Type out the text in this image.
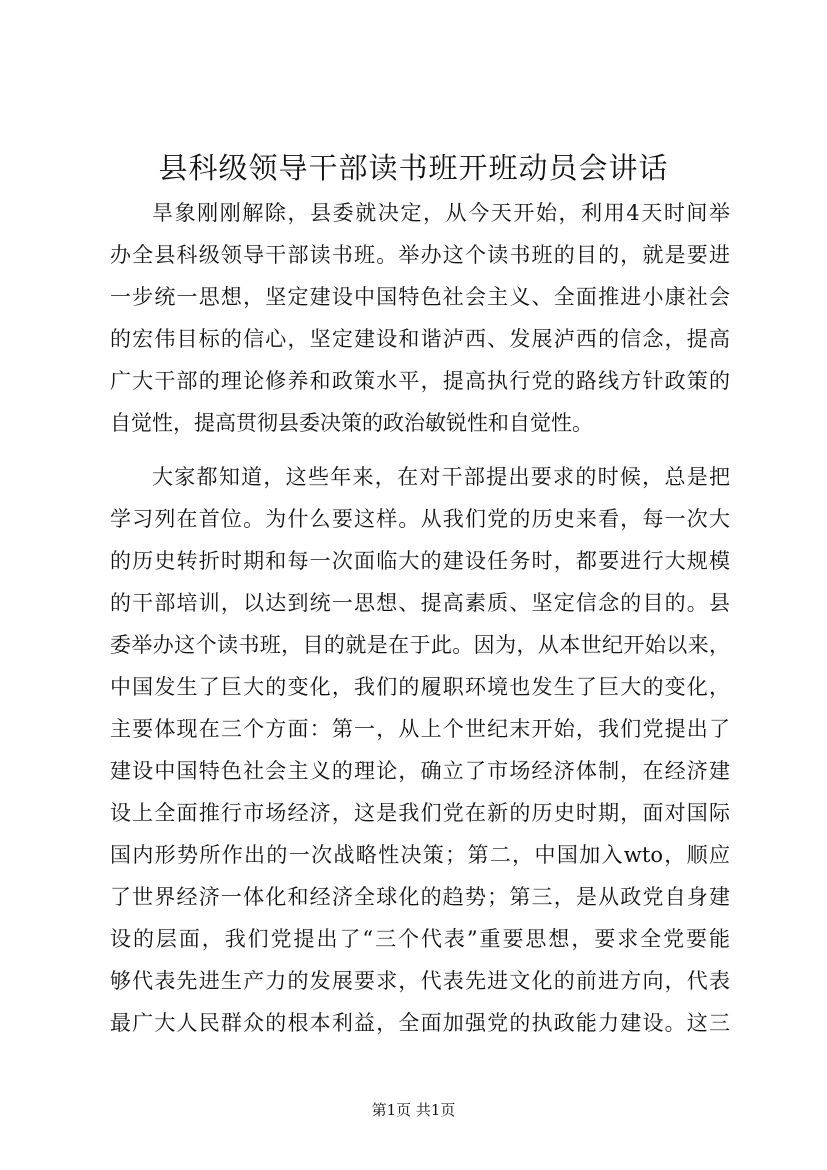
县科级领导干部读书班开班动员会讲话
旱象刚刚解除，县委就决定，从今天开始，利用4天时间举
办全县科级领导干部读书班。举办这个读书班的目的，就是要进
一步统一思想，坚定建设中国特色社会主义、全面推进小康社会
的宏伟目标的信心，坚定建设和谐泸西、发展泸西的信念，提高
广大干部的理论修养和政策水平，提高执行党的路线方针政策的
自觉性，提高贯彻县委决策的政治敏锐性和自觉性。
大家都知道，这些年来，在对干部提出要求的时候，总是把
学习列在首位。为什么要这样。从我们党的历史来看，每一次大
的历史转折时期和每一次面临大的建设任务时，都要进行大规模
的干部培训，以达到统一思想、提高素质、坚定信念的目的。县
委举办这个读书班，目的就是在于此。因为，从本世纪开始以来，
中国发生了巨大的变化，我们的履职环境也发生了巨大的变化，
主要体现在三个方面：第一，从上个世纪末开始，我们党提出了
建设中国特色社会主义的理论，确立了市场经济体制，在经济建
设上全面推行市场经济，这是我们党在新的历史时期，面对国际
国内形势所作出的一次战略性决策；第二，中国加入wto，顺应
了世界经济一体化和经济全球化的趋势；第三，是从政党自身建
设的层面，我们党提出了“三个代表”重要思想，要求全党要能
够代表先进生产力的发展要求，代表先进文化的前进方向，代表
最广大人民群众的根本利益，全面加强党的执政能力建设。这三
第1页 共1页
